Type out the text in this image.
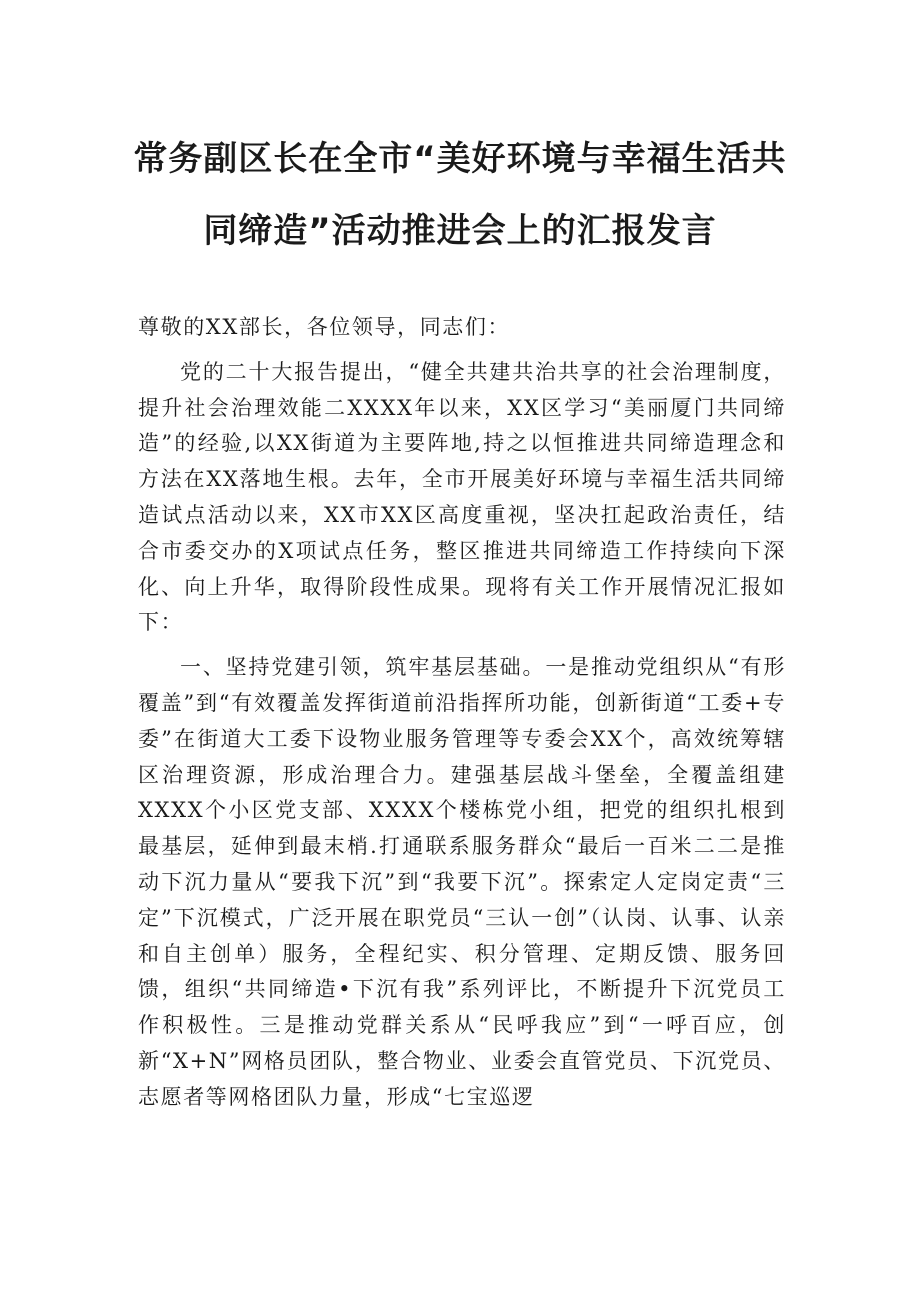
常务副区长在全市“美好环境与幸福生活共
同缔造”活动推进会上的汇报发言

尊敬的XX部长，各位领导，同志们：

党的二十大报告提出，“健全共建共治共享的社会治理制度，提升社会治理效能二XXXX年以来，XX区学习“美丽厦门共同缔造”的经验,以XX街道为主要阵地,持之以恒推进共同缔造理念和方法在XX落地生根。去年，全市开展美好环境与幸福生活共同缔造试点活动以来，XX市XX区高度重视，坚决扛起政治责任，结合市委交办的X项试点任务，整区推进共同缔造工作持续向下深化、向上升华，取得阶段性成果。现将有关工作开展情况汇报如下：

一、坚持党建引领，筑牢基层基础。一是推动党组织从“有形覆盖”到“有效覆盖发挥街道前沿指挥所功能，创新街道“工委+专委”在街道大工委下设物业服务管理等专委会XX个，高效统筹辖区治理资源，形成治理合力。建强基层战斗堡垒，全覆盖组建XXXX个小区党支部、XXXX个楼栋党小组，把党的组织扎根到最基层，延伸到最末梢.打通联系服务群众“最后一百米二二是推动下沉力量从“要我下沉”到“我要下沉”。探索定人定岗定责“三定”下沉模式，广泛开展在职党员“三认一创”（认岗、认事、认亲和自主创单）服务，全程纪实、积分管理、定期反馈、服务回馈，组织“共同缔造•下沉有我”系列评比，不断提升下沉党员工作积极性。三是推动党群关系从“民呼我应”到“一呼百应，创新“X+N”网格员团队，整合物业、业委会直管党员、下沉党员、志愿者等网格团队力量，形成“七宝巡逻
